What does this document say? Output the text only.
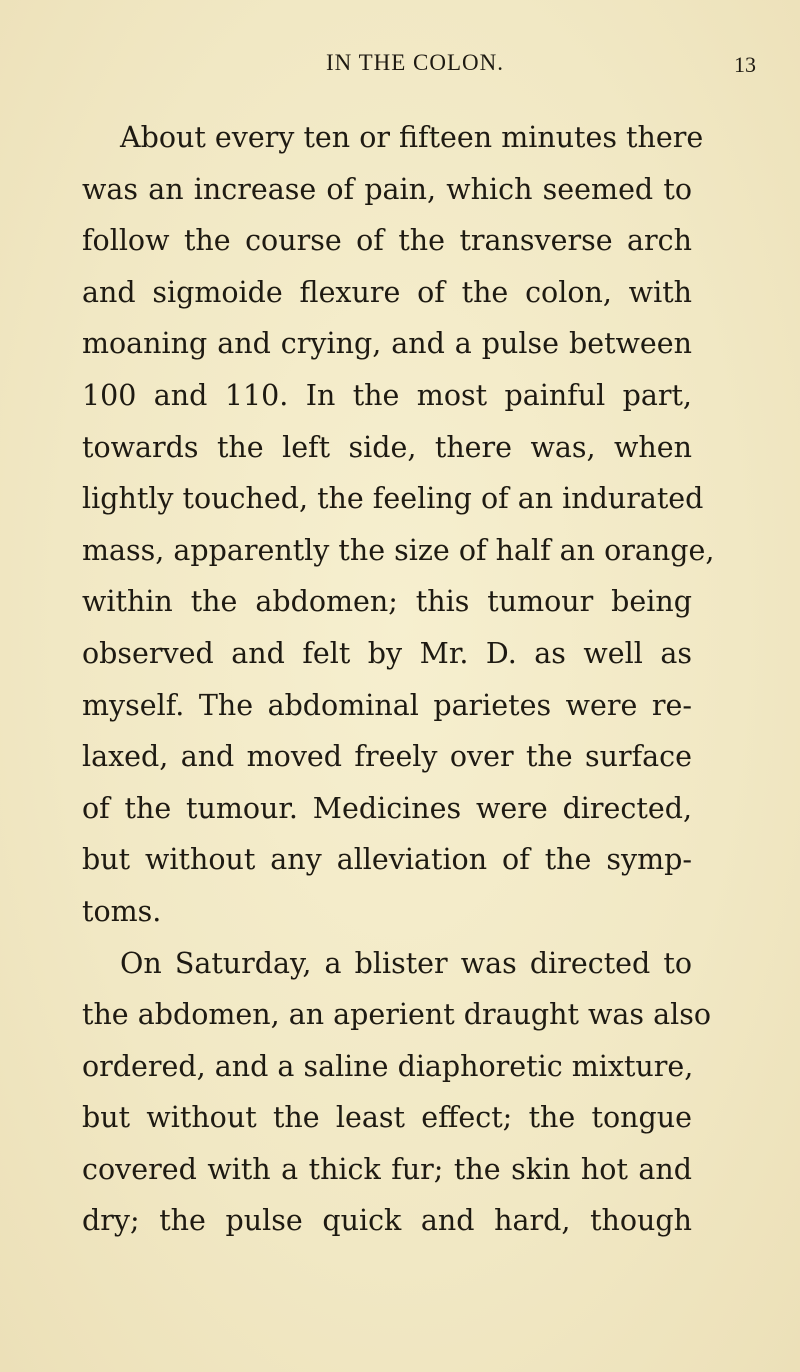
IN THE COLON.	13
About every ten or fifteen minutes there
was an increase of pain, which seemed to
follow the course of the transverse arch
and sigmoide flexure of the colon, with
moaning and crying, and a pulse between
100 and 110. In the most painful part,
towards the left side, there was, when
lightly touched, the feeling of an indurated
mass, apparently the size of half an orange,
within the abdomen; this tumour being
observed and felt by Mr. D. as well as
myself. The abdominal parietes were re-
laxed, and moved freely over the surface
of the tumour. Medicines were directed,
but without any alleviation of the symp-
toms.
On Saturday, a blister was directed to
the abdomen, an aperient draught was also
ordered, and a saline diaphoretic mixture,
but without the least effect; the tongue
covered with a thick fur; the skin hot and
dry; the pulse quick and hard, though
